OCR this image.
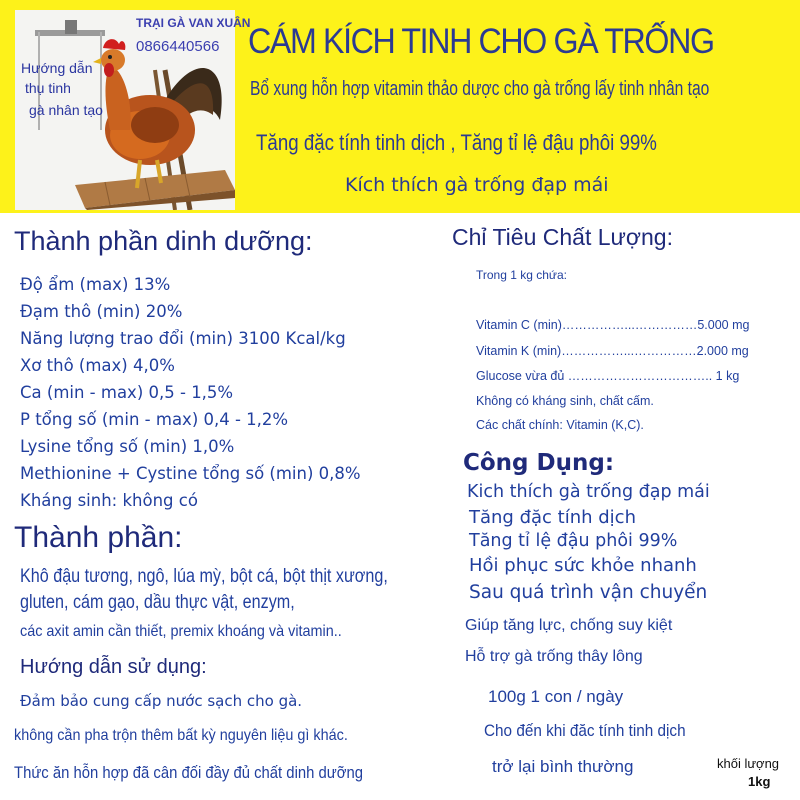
Hướng dẫn
thụ tinh
gà nhân tạo
TRẠI GÀ VAN XUÂN
0866440566 CÁM KÍCH TINH CHO GÀ TRỐNG
Bổ xung hỗn hợp vitamin thảo dược cho gà trống lấy tinh nhân tạo
Tăng đặc tính tinh dịch , Tăng tỉ lệ đậu phôi 99%
Kích thích gà trống đạp mái
Thành phần dinh dưỡng:
Độ ẩm (max) 13%
Đạm thô (min) 20%
Năng lượng trao đổi (min) 3100 Kcal/kg
Xơ thô (max) 4,0%
Ca (min - max) 0,5 - 1,5%
P tổng số (min - max) 0,4 - 1,2%
Lysine tổng số (min) 1,0%
Methionine + Cystine tổng số (min) 0,8%
Kháng sinh: không có
Thành phần:
Khô đậu tương, ngô, lúa mỳ, bột cá, bột thịt xương,
gluten, cám gạo, dầu thực vật, enzym,
các axit amin cần thiết, premix khoáng và vitamin..
Hướng dẫn sử dụng:
Đảm bảo cung cấp nước sạch cho gà.
không cần pha trộn thêm bất kỳ nguyên liệu gì khác.
Thức ăn hỗn hợp đã cân đối đầy đủ chất dinh dưỡng
Chỉ Tiêu Chất Lượng:
Trong 1 kg chứa:
Vitamin C (min)……………...……………5.000 mg
Vitamin K (min)……………...……………2.000 mg
Glucose vừa đủ …………………………….. 1 kg
Không có kháng sinh, chất cấm.
Các chất chính: Vitamin (K,C).
Công Dụng:
Kich thích gà trống đạp mái
Tăng đặc tính dịch
Tăng tỉ lệ đậu phôi 99%
Hồi phục sức khỏe nhanh
Sau quá trình vận chuyển
Giúp tăng lực, chống suy kiệt
Hỗ trợ gà trống thây lông
100g 1 con / ngày
Cho đến khi đăc tính tinh dịch
trở lại bình thường	khối lượng
1kg
